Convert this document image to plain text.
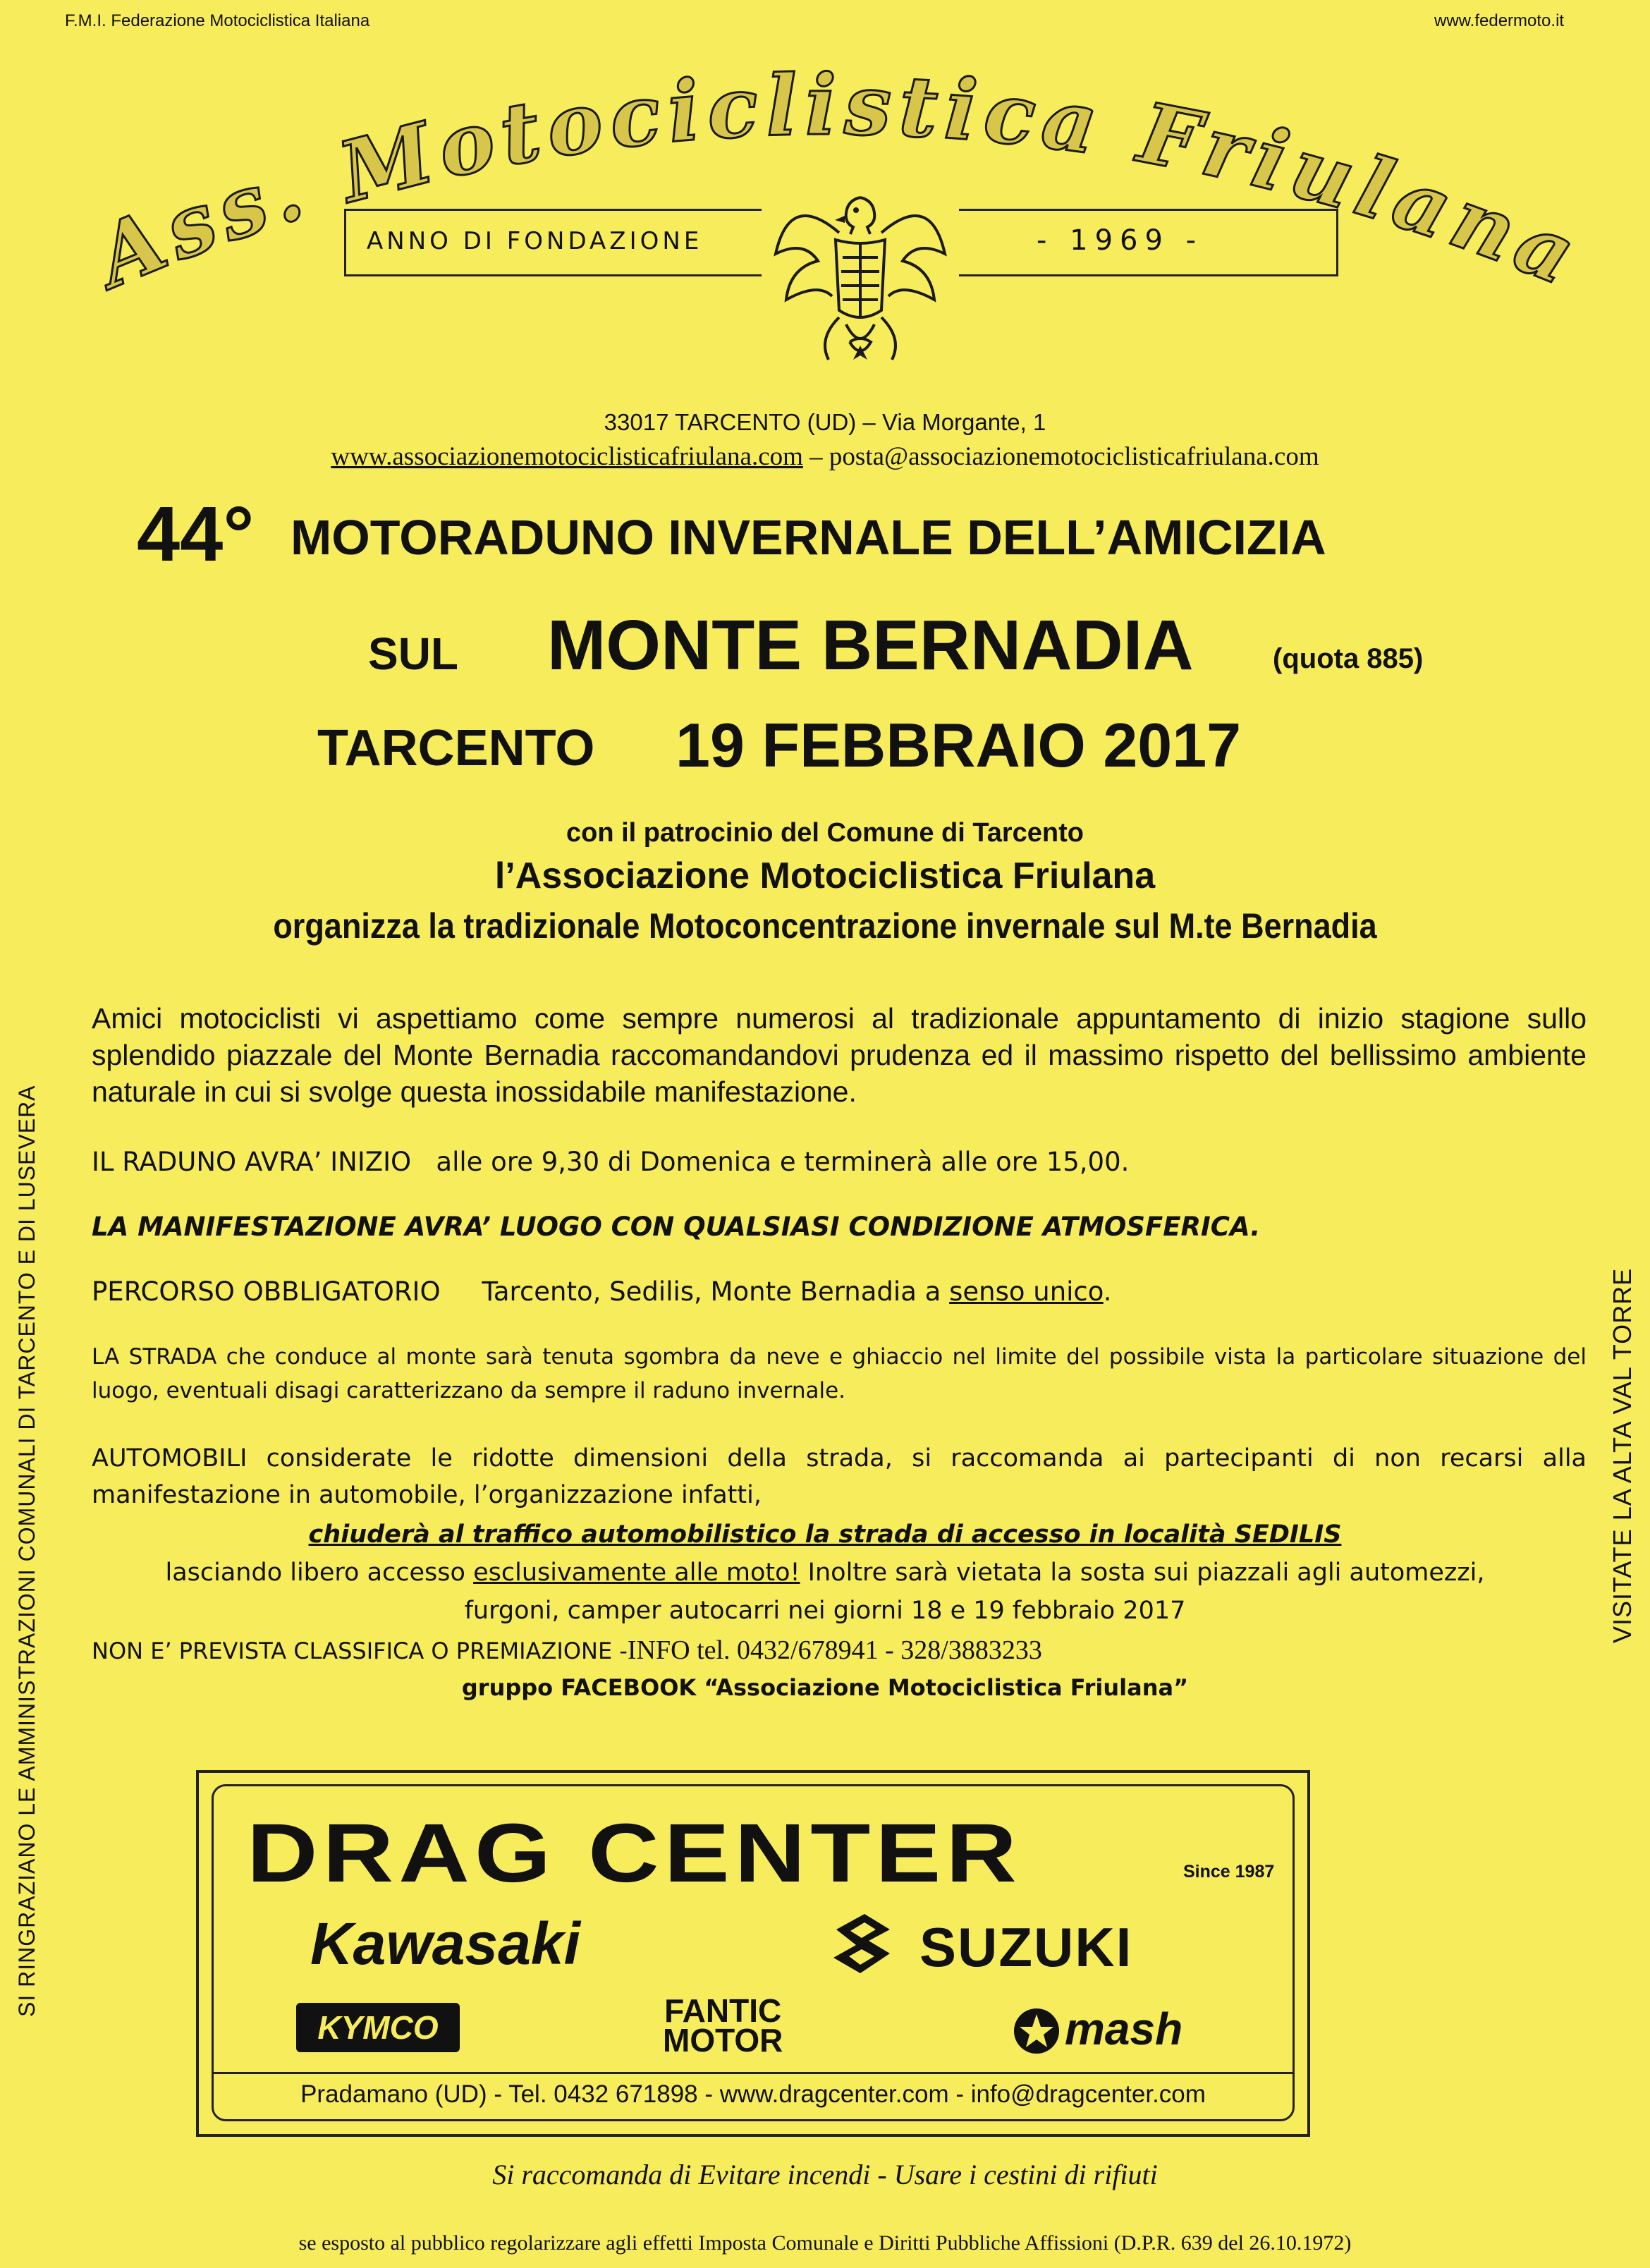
F.M.I. Federazione Motociclistica Italiana	www.federmoto.it
Ass. Motociclistica Friulana
ANNO DI FONDAZIONE	- 1969 -
33017 TARCENTO (UD) – Via Morgante, 1
www.associazionemotociclisticafriulana.com – posta@associazionemotociclisticafriulana.com
44° MOTORADUNO INVERNALE DELL’AMICIZIA
SUL MONTE BERNADIA	(quota 885)
TARCENTO 19 FEBBRAIO 2017
con il patrocinio del Comune di Tarcento
l’Associazione Motociclistica Friulana
organizza la tradizionale Motoconcentrazione invernale sul M.te Bernadia
Amici motociclisti vi aspettiamo come sempre numerosi al tradizionale appuntamento di inizio stagione sullo splendido piazzale del Monte Bernadia raccomandandovi prudenza ed il massimo rispetto del bellissimo ambiente naturale in cui si svolge questa inossidabile manifestazione.
IL RADUNO AVRA’ INIZIO alle ore 9,30 di Domenica e terminerà alle ore 15,00.
LA MANIFESTAZIONE AVRA’ LUOGO CON QUALSIASI CONDIZIONE ATMOSFERICA.
PERCORSO OBBLIGATORIO Tarcento, Sedilis, Monte Bernadia a senso unico.
LA STRADA che conduce al monte sarà tenuta sgombra da neve e ghiaccio nel limite del possibile vista la particolare situazione del luogo, eventuali disagi caratterizzano da sempre il raduno invernale.
AUTOMOBILI considerate le ridotte dimensioni della strada, si raccomanda ai partecipanti di non recarsi alla manifestazione in automobile, l’organizzazione infatti,
chiuderà al traffico automobilistico la strada di accesso in località SEDILIS
lasciando libero accesso esclusivamente alle moto! Inoltre sarà vietata la sosta sui piazzali agli automezzi,
furgoni, camper autocarri nei giorni 18 e 19 febbraio 2017
NON E’ PREVISTA CLASSIFICA O PREMIAZIONE -INFO tel. 0432/678941 - 328/3883233
gruppo FACEBOOK “Associazione Motociclistica Friulana”
SI RINGRAZIANO LE AMMINISTRAZIONI COMUNALI DI TARCENTO E DI LUSEVERA	VISITATE LA ALTA VAL TORRE
DRAG CENTER	Since 1987
Kawasaki	SUZUKI
KYMCO	FANTIC
MOTOR	mash
Pradamano (UD) - Tel. 0432 671898 - www.dragcenter.com - info@dragcenter.com
Si raccomanda di Evitare incendi - Usare i cestini di rifiuti
se esposto al pubblico regolarizzare agli effetti Imposta Comunale e Diritti Pubbliche Affissioni (D.P.R. 639 del 26.10.1972)
